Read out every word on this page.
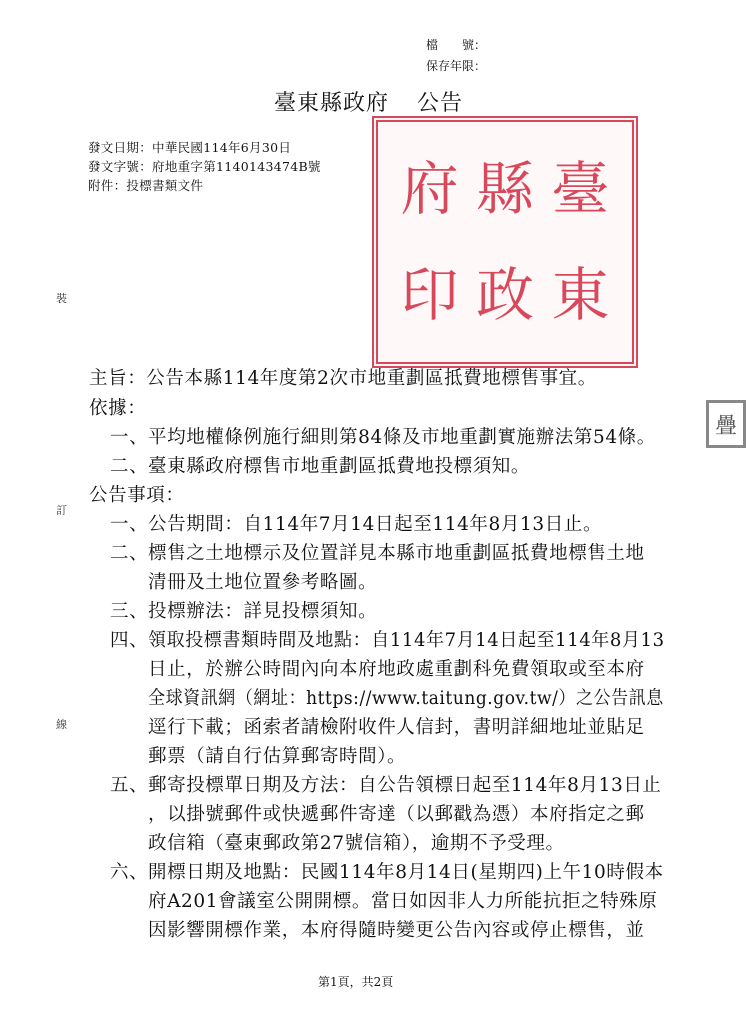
檔　　號：
保存年限：
臺東縣政府 公告
發文日期：中華民國114年6月30日
發文字號：府地重字第1140143474B號
附件：投標書類文件	臺
東
縣
政
府
印
疊
裝
訂
線
主旨：公告本縣114年度第2次市地重劃區抵費地標售事宜。
依據：
一、 平均地權條例施行細則第84條及市地重劃實施辦法第54條。
二、 臺東縣政府標售市地重劃區抵費地投標須知。
公告事項：
一、 公告期間：自114年7月14日起至114年8月13日止。
二、 標售之土地標示及位置詳見本縣市地重劃區抵費地標售土地
清冊及土地位置參考略圖。
三、 投標辦法：詳見投標須知。
四、 領取投標書類時間及地點：自114年7月14日起至114年8月13
日止，於辦公時間內向本府地政處重劃科免費領取或至本府
全球資訊網（網址：https://www.taitung.gov.tw/）之公告訊息
逕行下載；函索者請檢附收件人信封，書明詳細地址並貼足
郵票（請自行估算郵寄時間）。
五、 郵寄投標單日期及方法：自公告領標日起至114年8月13日止
，以掛號郵件或快遞郵件寄達（以郵戳為憑）本府指定之郵
政信箱（臺東郵政第27號信箱），逾期不予受理。
六、 開標日期及地點：民國114年8月14日(星期四)上午10時假本
府A201會議室公開開標。當日如因非人力所能抗拒之特殊原
因影響開標作業，本府得隨時變更公告內容或停止標售，並
第1頁，共2頁
